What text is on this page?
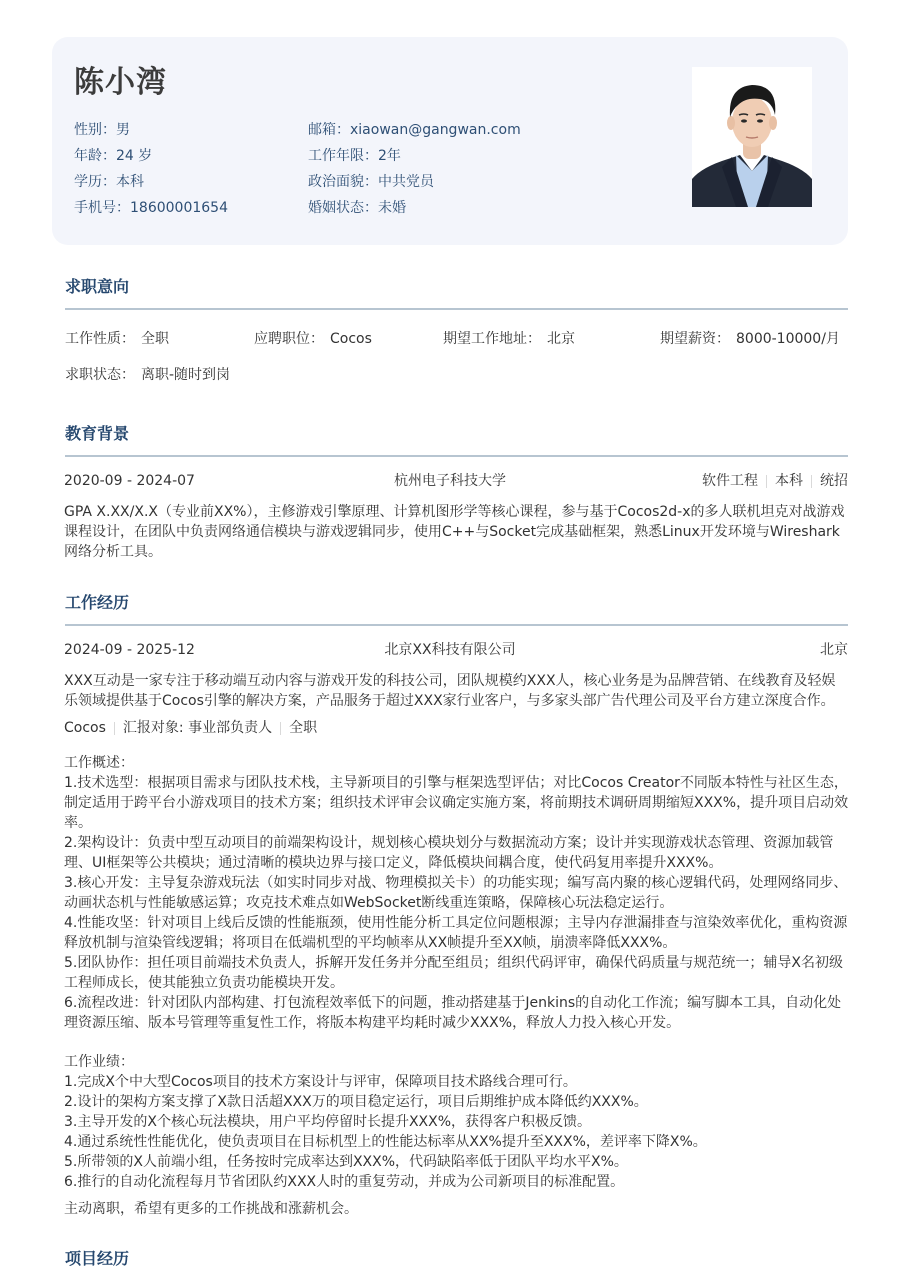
陈小湾
性别：男
年龄：24 岁
学历：本科
手机号：18600001654
邮箱：xiaowan@gangwan.com
工作年限：2年
政治面貌：中共党员
婚姻状态：未婚
求职意向
工作性质： 全职	应聘职位： Cocos	期望工作地址： 北京	期望薪资： 8000-10000/月
求职状态： 离职-随时到岗
教育背景
2020-09 - 2024-07	杭州电子科技大学	软件工程 本科 统招
GPA X.XX/X.X（专业前XX%），主修游戏引擎原理、计算机图形学等核心课程，参与基于Cocos2d-x的多人联机坦克对战游戏课程设计，在团队中负责网络通信模块与游戏逻辑同步，使用C++与Socket完成基础框架，熟悉Linux开发环境与Wireshark网络分析工具。
工作经历
2024-09 - 2025-12	北京XX科技有限公司	北京
XXX互动是一家专注于移动端互动内容与游戏开发的科技公司，团队规模约XXX人，核心业务是为品牌营销、在线教育及轻娱乐领域提供基于Cocos引擎的解决方案，产品服务于超过XXX家行业客户，与多家头部广告代理公司及平台方建立深度合作。
Cocos 汇报对象: 事业部负责人 全职
工作概述：
1.技术选型：根据项目需求与团队技术栈，主导新项目的引擎与框架选型评估；对比Cocos Creator不同版本特性与社区生态，制定适用于跨平台小游戏项目的技术方案；组织技术评审会议确定实施方案，将前期技术调研周期缩短XXX%，提升项目启动效率。
2.架构设计：负责中型互动项目的前端架构设计，规划核心模块划分与数据流动方案；设计并实现游戏状态管理、资源加载管理、UI框架等公共模块；通过清晰的模块边界与接口定义，降低模块间耦合度，使代码复用率提升XXX%。
3.核心开发：主导复杂游戏玩法（如实时同步对战、物理模拟关卡）的功能实现；编写高内聚的核心逻辑代码，处理网络同步、动画状态机与性能敏感运算；攻克技术难点如WebSocket断线重连策略，保障核心玩法稳定运行。
4.性能攻坚：针对项目上线后反馈的性能瓶颈，使用性能分析工具定位问题根源；主导内存泄漏排查与渲染效率优化，重构资源释放机制与渲染管线逻辑；将项目在低端机型的平均帧率从XX帧提升至XX帧，崩溃率降低XXX%。
5.团队协作：担任项目前端技术负责人，拆解开发任务并分配至组员；组织代码评审，确保代码质量与规范统一；辅导X名初级工程师成长，使其能独立负责功能模块开发。
6.流程改进：针对团队内部构建、打包流程效率低下的问题，推动搭建基于Jenkins的自动化工作流；编写脚本工具，自动化处理资源压缩、版本号管理等重复性工作，将版本构建平均耗时减少XXX%，释放人力投入核心开发。
工作业绩：
1.完成X个中大型Cocos项目的技术方案设计与评审，保障项目技术路线合理可行。
2.设计的架构方案支撑了X款日活超XXX万的项目稳定运行，项目后期维护成本降低约XXX%。
3.主导开发的X个核心玩法模块，用户平均停留时长提升XXX%，获得客户积极反馈。
4.通过系统性性能优化，使负责项目在目标机型上的性能达标率从XX%提升至XXX%，差评率下降X%。
5.所带领的X人前端小组，任务按时完成率达到XXX%，代码缺陷率低于团队平均水平X%。
6.推行的自动化流程每月节省团队约XXX人时的重复劳动，并成为公司新项目的标准配置。
主动离职，希望有更多的工作挑战和涨薪机会。
项目经历
